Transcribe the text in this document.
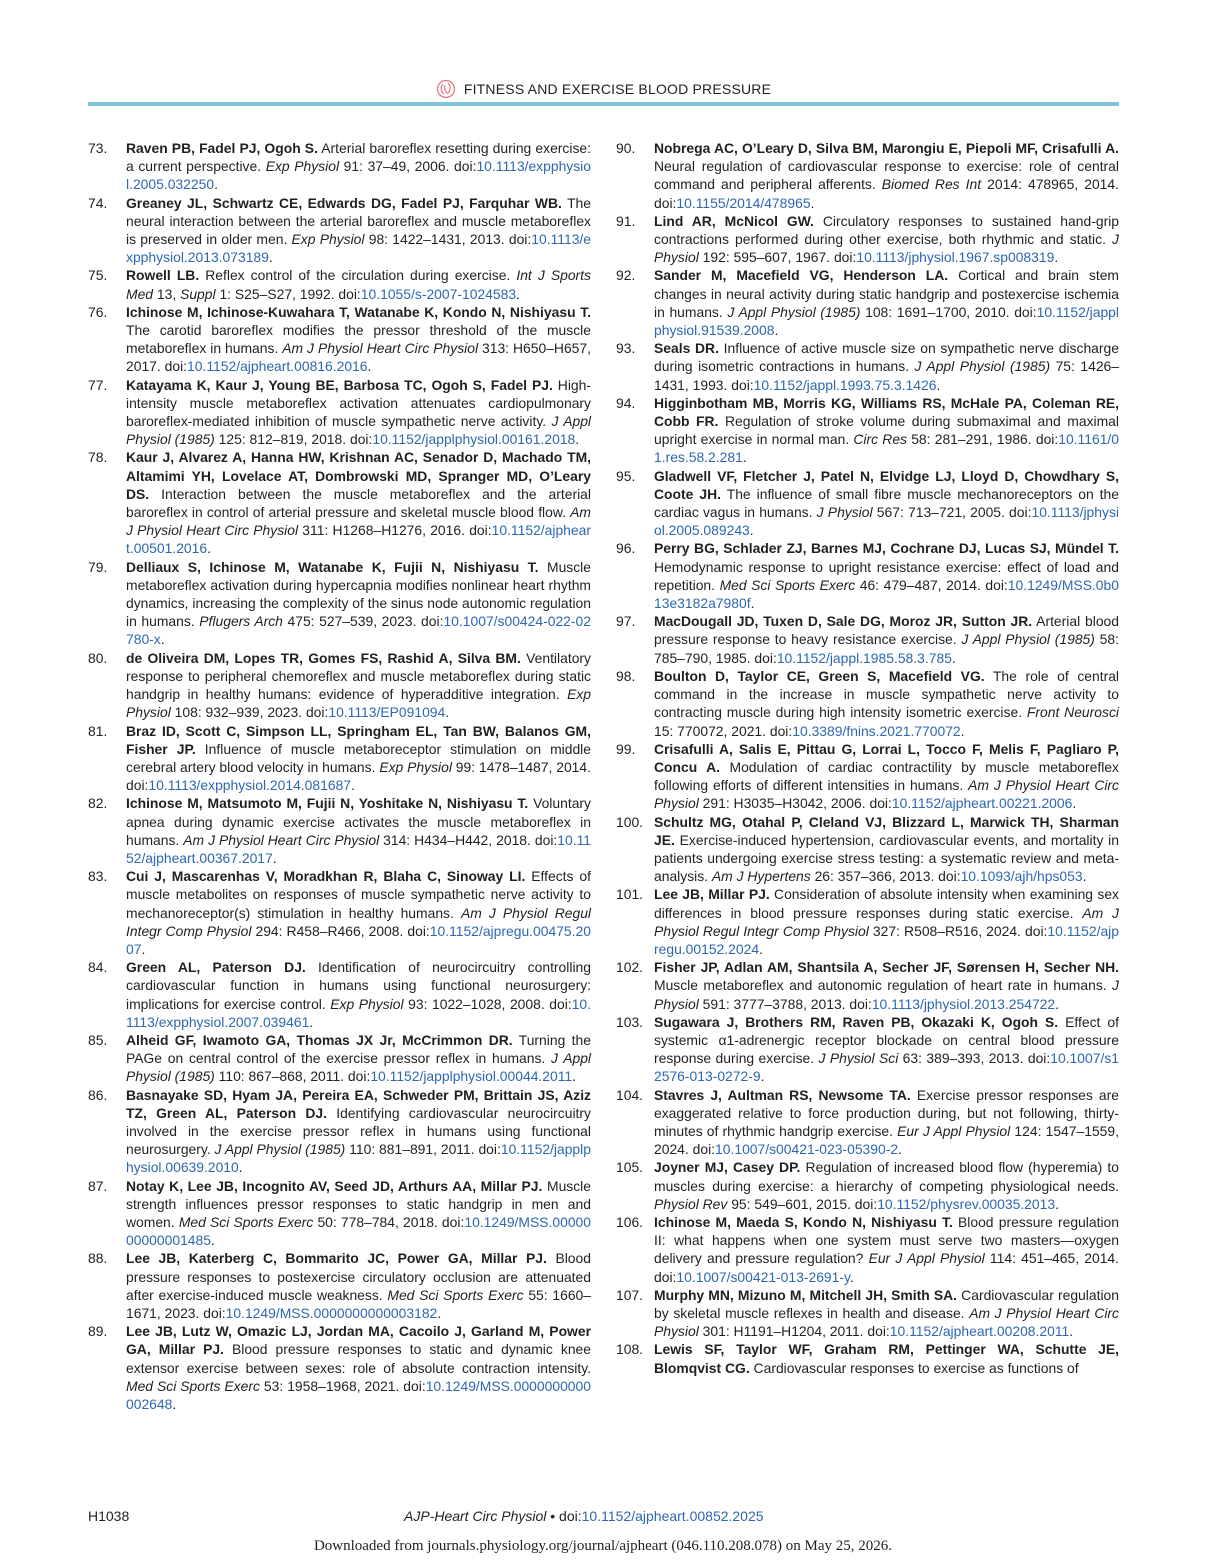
FITNESS AND EXERCISE BLOOD PRESSURE
73.	Raven PB, Fadel PJ, Ogoh S. Arterial baroreflex resetting during exercise: a current perspective. Exp Physiol 91: 37–49, 2006. doi:10.1113/expphysiol.2005.032250.
74.	Greaney JL, Schwartz CE, Edwards DG, Fadel PJ, Farquhar WB. The neural interaction between the arterial baroreflex and muscle metaboreflex is preserved in older men. Exp Physiol 98: 1422–1431, 2013. doi:10.1113/expphysiol.2013.073189.
75.	Rowell LB. Reflex control of the circulation during exercise. Int J Sports Med 13, Suppl 1: S25–S27, 1992. doi:10.1055/s-2007-1024583.
76.	Ichinose M, Ichinose-Kuwahara T, Watanabe K, Kondo N, Nishiyasu T. The carotid baroreflex modifies the pressor threshold of the muscle metaboreflex in humans. Am J Physiol Heart Circ Physiol 313: H650–H657, 2017. doi:10.1152/ajpheart.00816.2016.
77.	Katayama K, Kaur J, Young BE, Barbosa TC, Ogoh S, Fadel PJ. High-intensity muscle metaboreflex activation attenuates cardiopulmonary baroreflex-mediated inhibition of muscle sympathetic nerve activity. J Appl Physiol (1985) 125: 812–819, 2018. doi:10.1152/japplphysiol.00161.2018.
78.	Kaur J, Alvarez A, Hanna HW, Krishnan AC, Senador D, Machado TM, Altamimi YH, Lovelace AT, Dombrowski MD, Spranger MD, O’Leary DS. Interaction between the muscle metaboreflex and the arterial baroreflex in control of arterial pressure and skeletal muscle blood flow. Am J Physiol Heart Circ Physiol 311: H1268–H1276, 2016. doi:10.1152/ajpheart.00501.2016.
79.	Delliaux S, Ichinose M, Watanabe K, Fujii N, Nishiyasu T. Muscle metaboreflex activation during hypercapnia modifies nonlinear heart rhythm dynamics, increasing the complexity of the sinus node autonomic regulation in humans. Pflugers Arch 475: 527–539, 2023. doi:10.1007/s00424-022-02780-x.
80.	de Oliveira DM, Lopes TR, Gomes FS, Rashid A, Silva BM. Ventilatory response to peripheral chemoreflex and muscle metaboreflex during static handgrip in healthy humans: evidence of hyperadditive integration. Exp Physiol 108: 932–939, 2023. doi:10.1113/EP091094.
81.	Braz ID, Scott C, Simpson LL, Springham EL, Tan BW, Balanos GM, Fisher JP. Influence of muscle metaboreceptor stimulation on middle cerebral artery blood velocity in humans. Exp Physiol 99: 1478–1487, 2014. doi:10.1113/expphysiol.2014.081687.
82.	Ichinose M, Matsumoto M, Fujii N, Yoshitake N, Nishiyasu T. Voluntary apnea during dynamic exercise activates the muscle metaboreflex in humans. Am J Physiol Heart Circ Physiol 314: H434–H442, 2018. doi:10.1152/ajpheart.00367.2017.
83.	Cui J, Mascarenhas V, Moradkhan R, Blaha C, Sinoway LI. Effects of muscle metabolites on responses of muscle sympathetic nerve activity to mechanoreceptor(s) stimulation in healthy humans. Am J Physiol Regul Integr Comp Physiol 294: R458–R466, 2008. doi:10.1152/ajpregu.00475.2007.
84.	Green AL, Paterson DJ. Identification of neurocircuitry controlling cardiovascular function in humans using functional neurosurgery: implications for exercise control. Exp Physiol 93: 1022–1028, 2008. doi:10.1113/expphysiol.2007.039461.
85.	Alheid GF, Iwamoto GA, Thomas JX Jr, McCrimmon DR. Turning the PAGe on central control of the exercise pressor reflex in humans. J Appl Physiol (1985) 110: 867–868, 2011. doi:10.1152/japplphysiol.00044.2011.
86.	Basnayake SD, Hyam JA, Pereira EA, Schweder PM, Brittain JS, Aziz TZ, Green AL, Paterson DJ. Identifying cardiovascular neurocircuitry involved in the exercise pressor reflex in humans using functional neurosurgery. J Appl Physiol (1985) 110: 881–891, 2011. doi:10.1152/japplphysiol.00639.2010.
87.	Notay K, Lee JB, Incognito AV, Seed JD, Arthurs AA, Millar PJ. Muscle strength influences pressor responses to static handgrip in men and women. Med Sci Sports Exerc 50: 778–784, 2018. doi:10.1249/MSS.0000000000001485.
88.	Lee JB, Katerberg C, Bommarito JC, Power GA, Millar PJ. Blood pressure responses to postexercise circulatory occlusion are attenuated after exercise-induced muscle weakness. Med Sci Sports Exerc 55: 1660–1671, 2023. doi:10.1249/MSS.0000000000003182.
89.	Lee JB, Lutz W, Omazic LJ, Jordan MA, Cacoilo J, Garland M, Power GA, Millar PJ. Blood pressure responses to static and dynamic knee extensor exercise between sexes: role of absolute contraction intensity. Med Sci Sports Exerc 53: 1958–1968, 2021. doi:10.1249/MSS.0000000000002648.
90.	Nobrega AC, O’Leary D, Silva BM, Marongiu E, Piepoli MF, Crisafulli A. Neural regulation of cardiovascular response to exercise: role of central command and peripheral afferents. Biomed Res Int 2014: 478965, 2014. doi:10.1155/2014/478965.
91.	Lind AR, McNicol GW. Circulatory responses to sustained hand-grip contractions performed during other exercise, both rhythmic and static. J Physiol 192: 595–607, 1967. doi:10.1113/jphysiol.1967.sp008319.
92.	Sander M, Macefield VG, Henderson LA. Cortical and brain stem changes in neural activity during static handgrip and postexercise ischemia in humans. J Appl Physiol (1985) 108: 1691–1700, 2010. doi:10.1152/japplphysiol.91539.2008.
93.	Seals DR. Influence of active muscle size on sympathetic nerve discharge during isometric contractions in humans. J Appl Physiol (1985) 75: 1426–1431, 1993. doi:10.1152/jappl.1993.75.3.1426.
94.	Higginbotham MB, Morris KG, Williams RS, McHale PA, Coleman RE, Cobb FR. Regulation of stroke volume during submaximal and maximal upright exercise in normal man. Circ Res 58: 281–291, 1986. doi:10.1161/01.res.58.2.281.
95.	Gladwell VF, Fletcher J, Patel N, Elvidge LJ, Lloyd D, Chowdhary S, Coote JH. The influence of small fibre muscle mechanoreceptors on the cardiac vagus in humans. J Physiol 567: 713–721, 2005. doi:10.1113/jphysiol.2005.089243.
96.	Perry BG, Schlader ZJ, Barnes MJ, Cochrane DJ, Lucas SJ, Mündel T. Hemodynamic response to upright resistance exercise: effect of load and repetition. Med Sci Sports Exerc 46: 479–487, 2014. doi:10.1249/MSS.0b013e3182a7980f.
97.	MacDougall JD, Tuxen D, Sale DG, Moroz JR, Sutton JR. Arterial blood pressure response to heavy resistance exercise. J Appl Physiol (1985) 58: 785–790, 1985. doi:10.1152/jappl.1985.58.3.785.
98.	Boulton D, Taylor CE, Green S, Macefield VG. The role of central command in the increase in muscle sympathetic nerve activity to contracting muscle during high intensity isometric exercise. Front Neurosci 15: 770072, 2021. doi:10.3389/fnins.2021.770072.
99.	Crisafulli A, Salis E, Pittau G, Lorrai L, Tocco F, Melis F, Pagliaro P, Concu A. Modulation of cardiac contractility by muscle metaboreflex following efforts of different intensities in humans. Am J Physiol Heart Circ Physiol 291: H3035–H3042, 2006. doi:10.1152/ajpheart.00221.2006.
100. Schultz MG, Otahal P, Cleland VJ, Blizzard L, Marwick TH, Sharman JE. Exercise-induced hypertension, cardiovascular events, and mortality in patients undergoing exercise stress testing: a systematic review and meta-analysis. Am J Hypertens 26: 357–366, 2013. doi:10.1093/ajh/hps053.
101. Lee JB, Millar PJ. Consideration of absolute intensity when examining sex differences in blood pressure responses during static exercise. Am J Physiol Regul Integr Comp Physiol 327: R508–R516, 2024. doi:10.1152/ajpregu.00152.2024.
102. Fisher JP, Adlan AM, Shantsila A, Secher JF, Sørensen H, Secher NH. Muscle metaboreflex and autonomic regulation of heart rate in humans. J Physiol 591: 3777–3788, 2013. doi:10.1113/jphysiol.2013.254722.
103. Sugawara J, Brothers RM, Raven PB, Okazaki K, Ogoh S. Effect of systemic α1-adrenergic receptor blockade on central blood pressure response during exercise. J Physiol Sci 63: 389–393, 2013. doi:10.1007/s12576-013-0272-9.
104. Stavres J, Aultman RS, Newsome TA. Exercise pressor responses are exaggerated relative to force production during, but not following, thirty-minutes of rhythmic handgrip exercise. Eur J Appl Physiol 124: 1547–1559, 2024. doi:10.1007/s00421-023-05390-2.
105. Joyner MJ, Casey DP. Regulation of increased blood flow (hyperemia) to muscles during exercise: a hierarchy of competing physiological needs. Physiol Rev 95: 549–601, 2015. doi:10.1152/physrev.00035.2013.
106. Ichinose M, Maeda S, Kondo N, Nishiyasu T. Blood pressure regulation II: what happens when one system must serve two masters—oxygen delivery and pressure regulation? Eur J Appl Physiol 114: 451–465, 2014. doi:10.1007/s00421-013-2691-y.
107. Murphy MN, Mizuno M, Mitchell JH, Smith SA. Cardiovascular regulation by skeletal muscle reflexes in health and disease. Am J Physiol Heart Circ Physiol 301: H1191–H1204, 2011. doi:10.1152/ajpheart.00208.2011.
108. Lewis SF, Taylor WF, Graham RM, Pettinger WA, Schutte JE, Blomqvist CG. Cardiovascular responses to exercise as functions of
H1038	AJP-Heart Circ Physiol • doi:10.1152/ajpheart.00852.2025
Downloaded from journals.physiology.org/journal/ajpheart (046.110.208.078) on May 25, 2026.
